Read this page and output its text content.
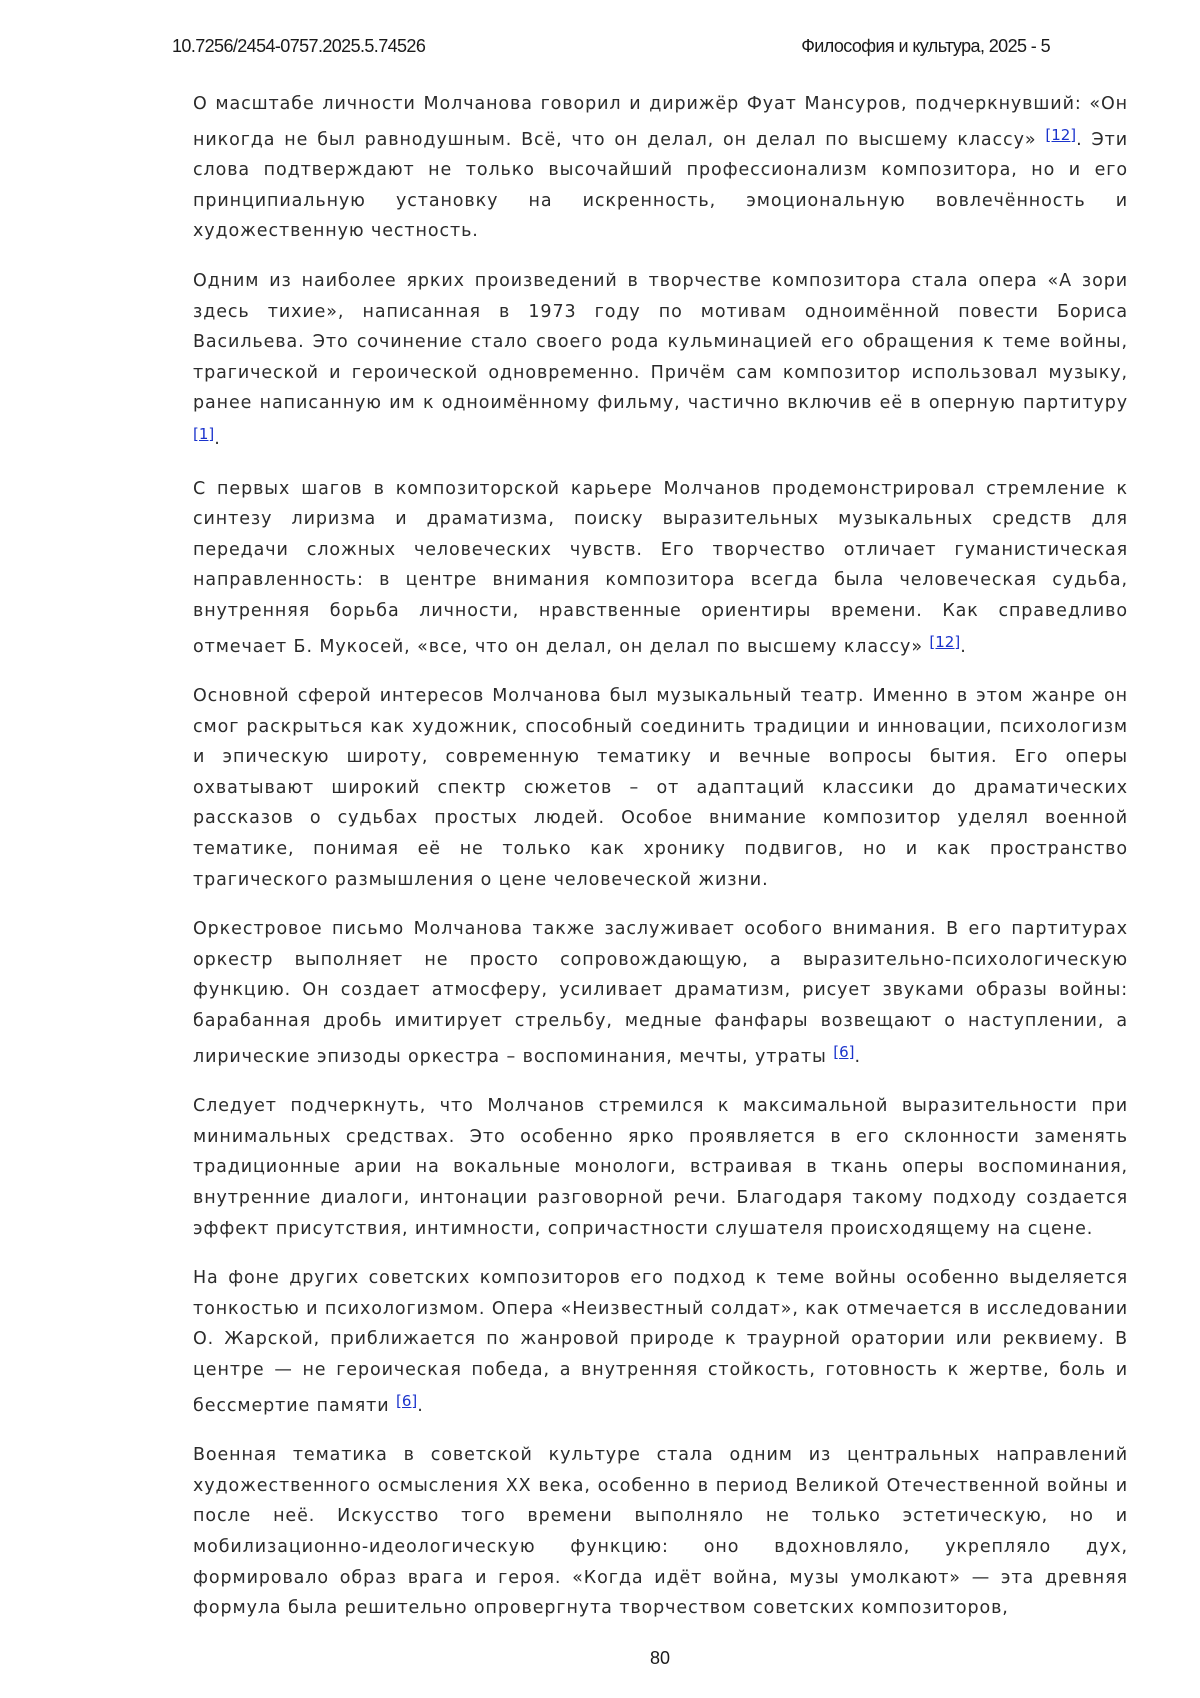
10.7256/2454-0757.2025.5.74526	Философия и культура, 2025 - 5

О масштабе личности Молчанова говорил и дирижёр Фуат Мансуров, подчеркнувший: «Он никогда не был равнодушным. Всё, что он делал, он делал по высшему классу» [12]. Эти слова подтверждают не только высочайший профессионализм композитора, но и его принципиальную установку на искренность, эмоциональную вовлечённость и художественную честность.

Одним из наиболее ярких произведений в творчестве композитора стала опера «А зори здесь тихие», написанная в 1973 году по мотивам одноимённой повести Бориса Васильева. Это сочинение стало своего рода кульминацией его обращения к теме войны, трагической и героической одновременно. Причём сам композитор использовал музыку, ранее написанную им к одноимённому фильму, частично включив её в оперную партитуру [1].

С первых шагов в композиторской карьере Молчанов продемонстрировал стремление к синтезу лиризма и драматизма, поиску выразительных музыкальных средств для передачи сложных человеческих чувств. Его творчество отличает гуманистическая направленность: в центре внимания композитора всегда была человеческая судьба, внутренняя борьба личности, нравственные ориентиры времени. Как справедливо отмечает Б. Мукосей, «все, что он делал, он делал по высшему классу» [12].

Основной сферой интересов Молчанова был музыкальный театр. Именно в этом жанре он смог раскрыться как художник, способный соединить традиции и инновации, психологизм и эпическую широту, современную тематику и вечные вопросы бытия. Его оперы охватывают широкий спектр сюжетов – от адаптаций классики до драматических рассказов о судьбах простых людей. Особое внимание композитор уделял военной тематике, понимая её не только как хронику подвигов, но и как пространство трагического размышления о цене человеческой жизни.

Оркестровое письмо Молчанова также заслуживает особого внимания. В его партитурах оркестр выполняет не просто сопровождающую, а выразительно-психологическую функцию. Он создает атмосферу, усиливает драматизм, рисует звуками образы войны: барабанная дробь имитирует стрельбу, медные фанфары возвещают о наступлении, а лирические эпизоды оркестра – воспоминания, мечты, утраты [6].

Следует подчеркнуть, что Молчанов стремился к максимальной выразительности при минимальных средствах. Это особенно ярко проявляется в его склонности заменять традиционные арии на вокальные монологи, встраивая в ткань оперы воспоминания, внутренние диалоги, интонации разговорной речи. Благодаря такому подходу создается эффект присутствия, интимности, сопричастности слушателя происходящему на сцене.

На фоне других советских композиторов его подход к теме войны особенно выделяется тонкостью и психологизмом. Опера «Неизвестный солдат», как отмечается в исследовании О. Жарской, приближается по жанровой природе к траурной оратории или реквиему. В центре — не героическая победа, а внутренняя стойкость, готовность к жертве, боль и бессмертие памяти [6].

Военная тематика в советской культуре стала одним из центральных направлений художественного осмысления XX века, особенно в период Великой Отечественной войны и после неё. Искусство того времени выполняло не только эстетическую, но и мобилизационно-идеологическую функцию: оно вдохновляло, укрепляло дух, формировало образ врага и героя. «Когда идёт война, музы умолкают» — эта древняя формула была решительно опровергнута творчеством советских композиторов,

80
